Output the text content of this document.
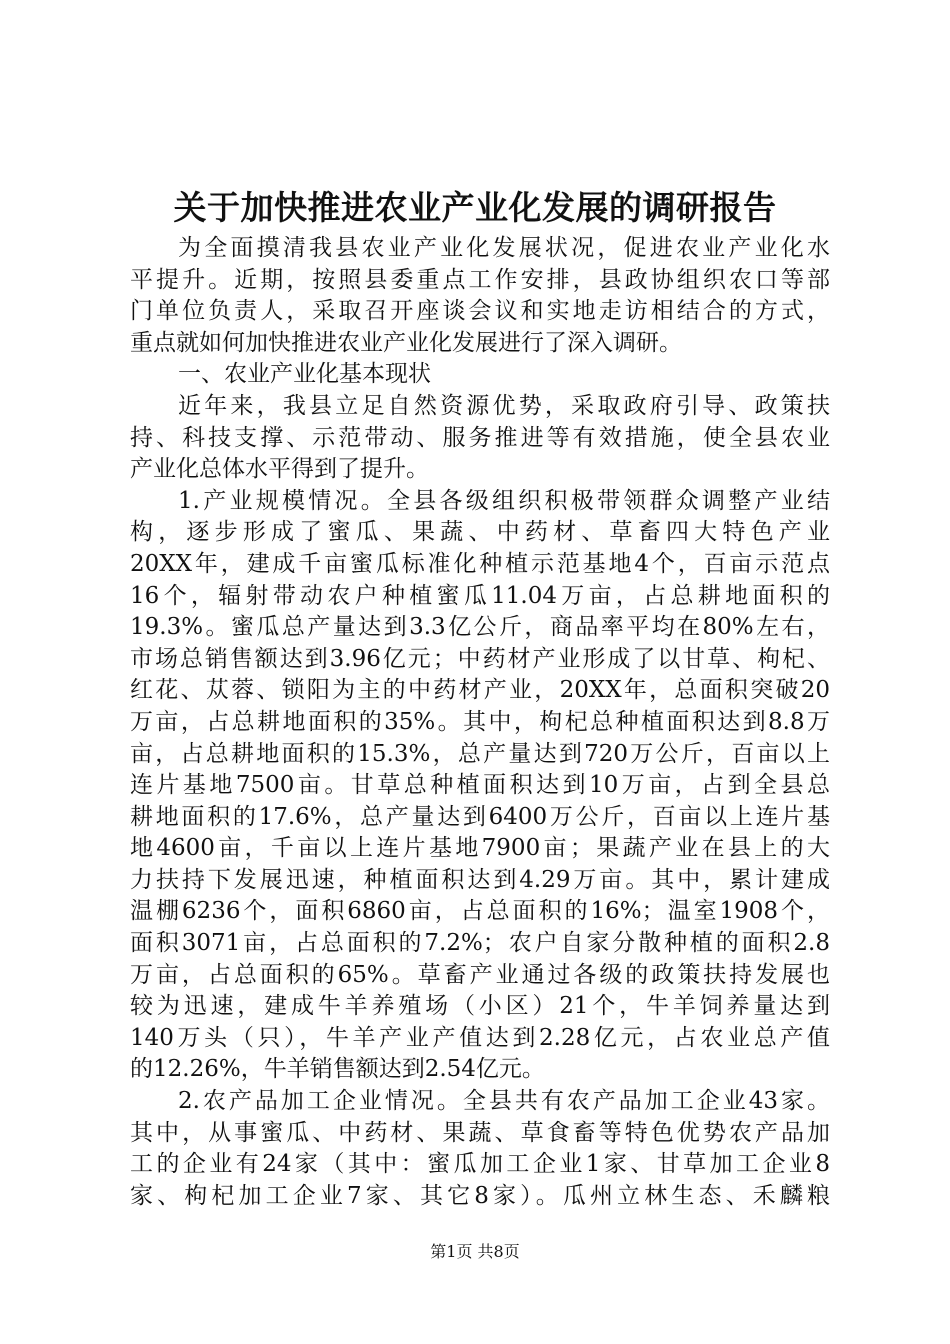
关于加快推进农业产业化发展的调研报告
为全面摸清我县农业产业化发展状况，促进农业产业化水
平提升。近期，按照县委重点工作安排，县政协组织农口等部
门单位负责人，采取召开座谈会议和实地走访相结合的方式，
重点就如何加快推进农业产业化发展进行了深入调研。
一、农业产业化基本现状
近年来，我县立足自然资源优势，采取政府引导、政策扶
持、科技支撑、示范带动、服务推进等有效措施，使全县农业
产业化总体水平得到了提升。
1.产业规模情况。全县各级组织积极带领群众调整产业结
构，逐步形成了蜜瓜、果蔬、中药材、草畜四大特色产业
20XX年，建成千亩蜜瓜标准化种植示范基地4个，百亩示范点
16个，辐射带动农户种植蜜瓜11.04万亩，占总耕地面积的
19.3%。蜜瓜总产量达到3.3亿公斤，商品率平均在80%左右，
市场总销售额达到3.96亿元；中药材产业形成了以甘草、枸杞、
红花、苁蓉、锁阳为主的中药材产业，20XX年，总面积突破20
万亩，占总耕地面积的35%。其中，枸杞总种植面积达到8.8万
亩，占总耕地面积的15.3%，总产量达到720万公斤，百亩以上
连片基地7500亩。甘草总种植面积达到10万亩，占到全县总
耕地面积的17.6%，总产量达到6400万公斤，百亩以上连片基
地4600亩，千亩以上连片基地7900亩；果蔬产业在县上的大
力扶持下发展迅速，种植面积达到4.29万亩。其中，累计建成
温棚6236个，面积6860亩，占总面积的16%；温室1908个，
面积3071亩，占总面积的7.2%；农户自家分散种植的面积2.8
万亩，占总面积的65%。草畜产业通过各级的政策扶持发展也
较为迅速，建成牛羊养殖场（小区）21个，牛羊饲养量达到
140万头（只），牛羊产业产值达到2.28亿元，占农业总产值
的12.26%，牛羊销售额达到2.54亿元。
2.农产品加工企业情况。全县共有农产品加工企业43家。
其中，从事蜜瓜、中药材、果蔬、草食畜等特色优势农产品加
工的企业有24家（其中：蜜瓜加工企业1家、甘草加工企业8
家、枸杞加工企业7家、其它8家）。瓜州立林生态、禾麟粮
第1页 共8页
